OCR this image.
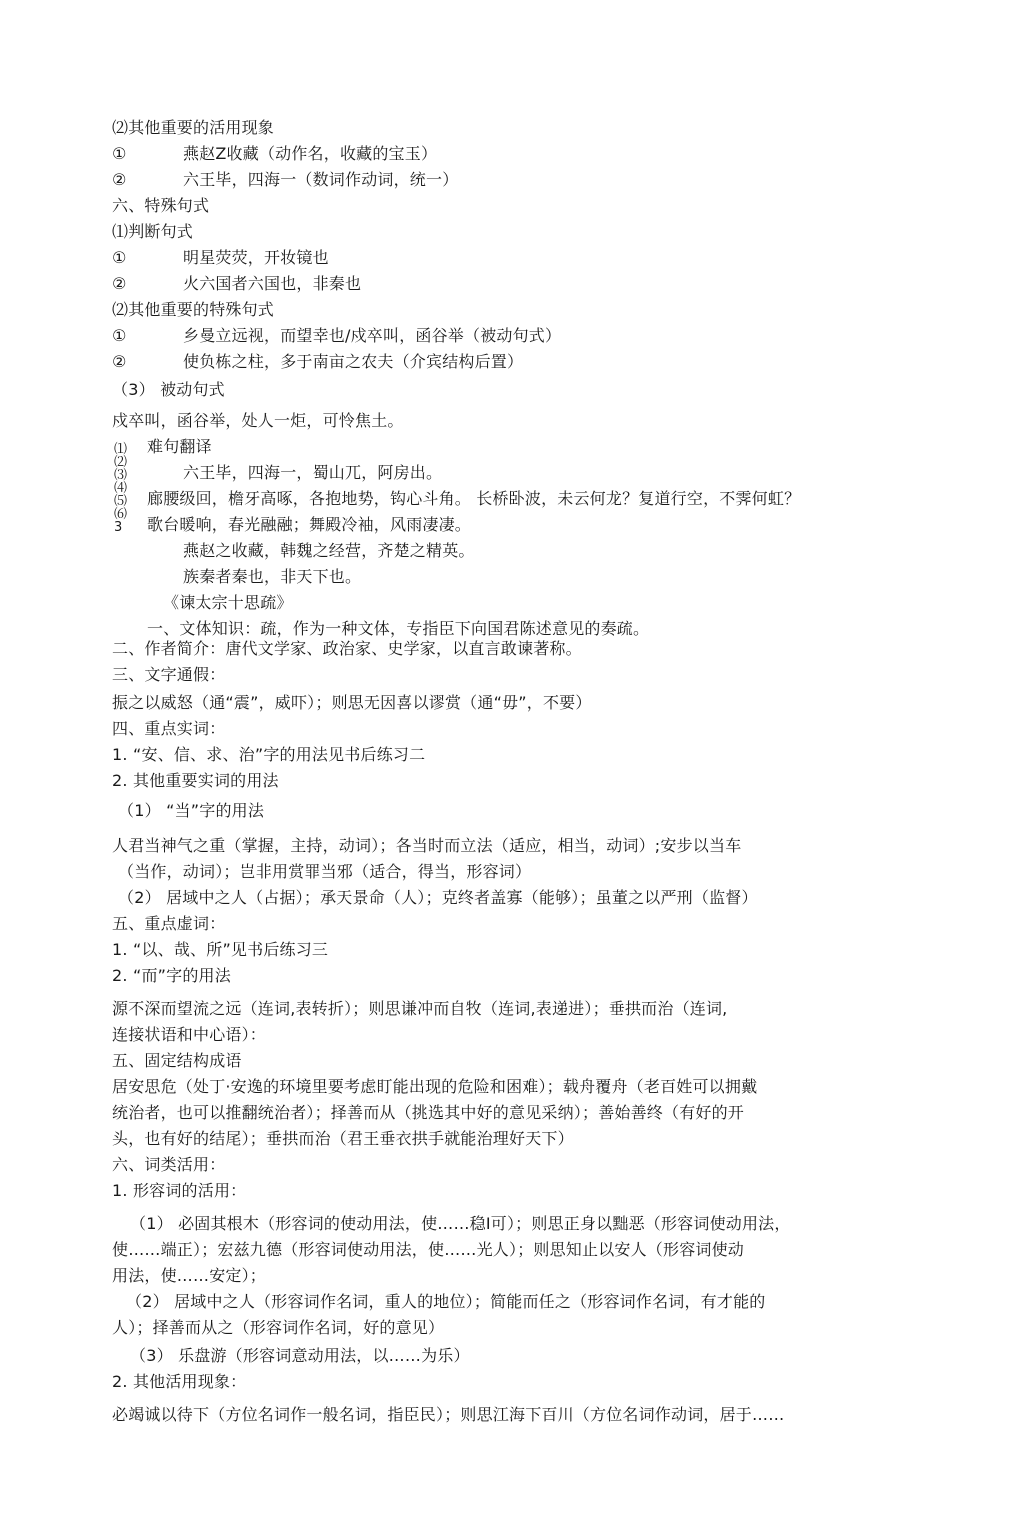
⑵其他重要的活用现象
①	燕赵Z收藏（动作名，收藏的宝玉）
②	六王毕，四海一（数词作动词，统一）
六、特殊句式
⑴判断句式
①	明星荧荧，开妆镜也
②	火六国者六国也，非秦也
⑵其他重要的特殊句式
①	乡曼立远视，而望幸也/戍卒叫，函谷举（被动句式）
②	使负栋之柱，多于南亩之农夫（介宾结构后置）
（3） 被动句式
戍卒叫，函谷举，处人一炬，可怜焦土。
⑴⑵⑶⑷⑸⑹3
难句翻译
六王毕，四海一，蜀山兀，阿房出。
廊腰级回，檐牙高啄，各抱地势，钩心斗角。 长桥卧波，未云何龙？复道行空，不霁何虹？
歌台暖响，春光融融；舞殿冷袖，风雨凄凄。
燕赵之收藏，韩魏之经营，齐楚之精英。
族秦者秦也，非天下也。
《谏太宗十思疏》
一、文体知识：疏，作为一种文体，专指臣下向国君陈述意见的奏疏。
二、作者简介：唐代文学家、政治家、史学家，以直言敢谏著称。
三、文字通假：
振之以威怒（通“震”，威吓）；则思无因喜以谬赏（通“毋”，不要）
四、重点实词：
1. “安、信、求、治”字的用法见书后练习二
2. 其他重要实词的用法
（1） “当”字的用法
人君当神气之重（掌握，主持，动词）；各当时而立法（适应，相当，动词）;安步以当车
（当作，动词）；岂非用赏罪当邪（适合，得当，形容词）
（2） 居域中之人（占据）；承天景命（人）；克终者盖寡（能够）；虽董之以严刑（监督）
五、重点虚词：
1. “以、哉、所”见书后练习三
2. “而”字的用法
源不深而望流之远（连词,表转折）；则思谦冲而自牧（连词,表递进）；垂拱而治（连词,
连接状语和中心语）：
五、固定结构成语
居安思危（处丁·安逸的环境里要考虑盯能出现的危险和困难）；载舟覆舟（老百姓可以拥戴
统治者，也可以推翻统治者）；择善而从（挑选其中好的意见采纳）；善始善终（有好的开
头，也有好的结尾）；垂拱而治（君王垂衣拱手就能治理好天下）
六、词类活用：
1. 形容词的活用：
（1） 必固其根木（形容词的使动用法，使……稳I可）；则思正身以黜恶（形容词使动用法，
使……端正）；宏兹九德（形容词使动用法，使……光人）；则思知止以安人（形容词使动
用法，使……安定）；
（2） 居域中之人（形容词作名词，重人的地位）；简能而任之（形容词作名词，有才能的
人）；择善而从之（形容词作名词，好的意见）
（3） 乐盘游（形容词意动用法，以……为乐）
2. 其他活用现象：
必竭诚以待下（方位名词作一般名词，指臣民）；则思江海下百川（方位名词作动词，居于……
